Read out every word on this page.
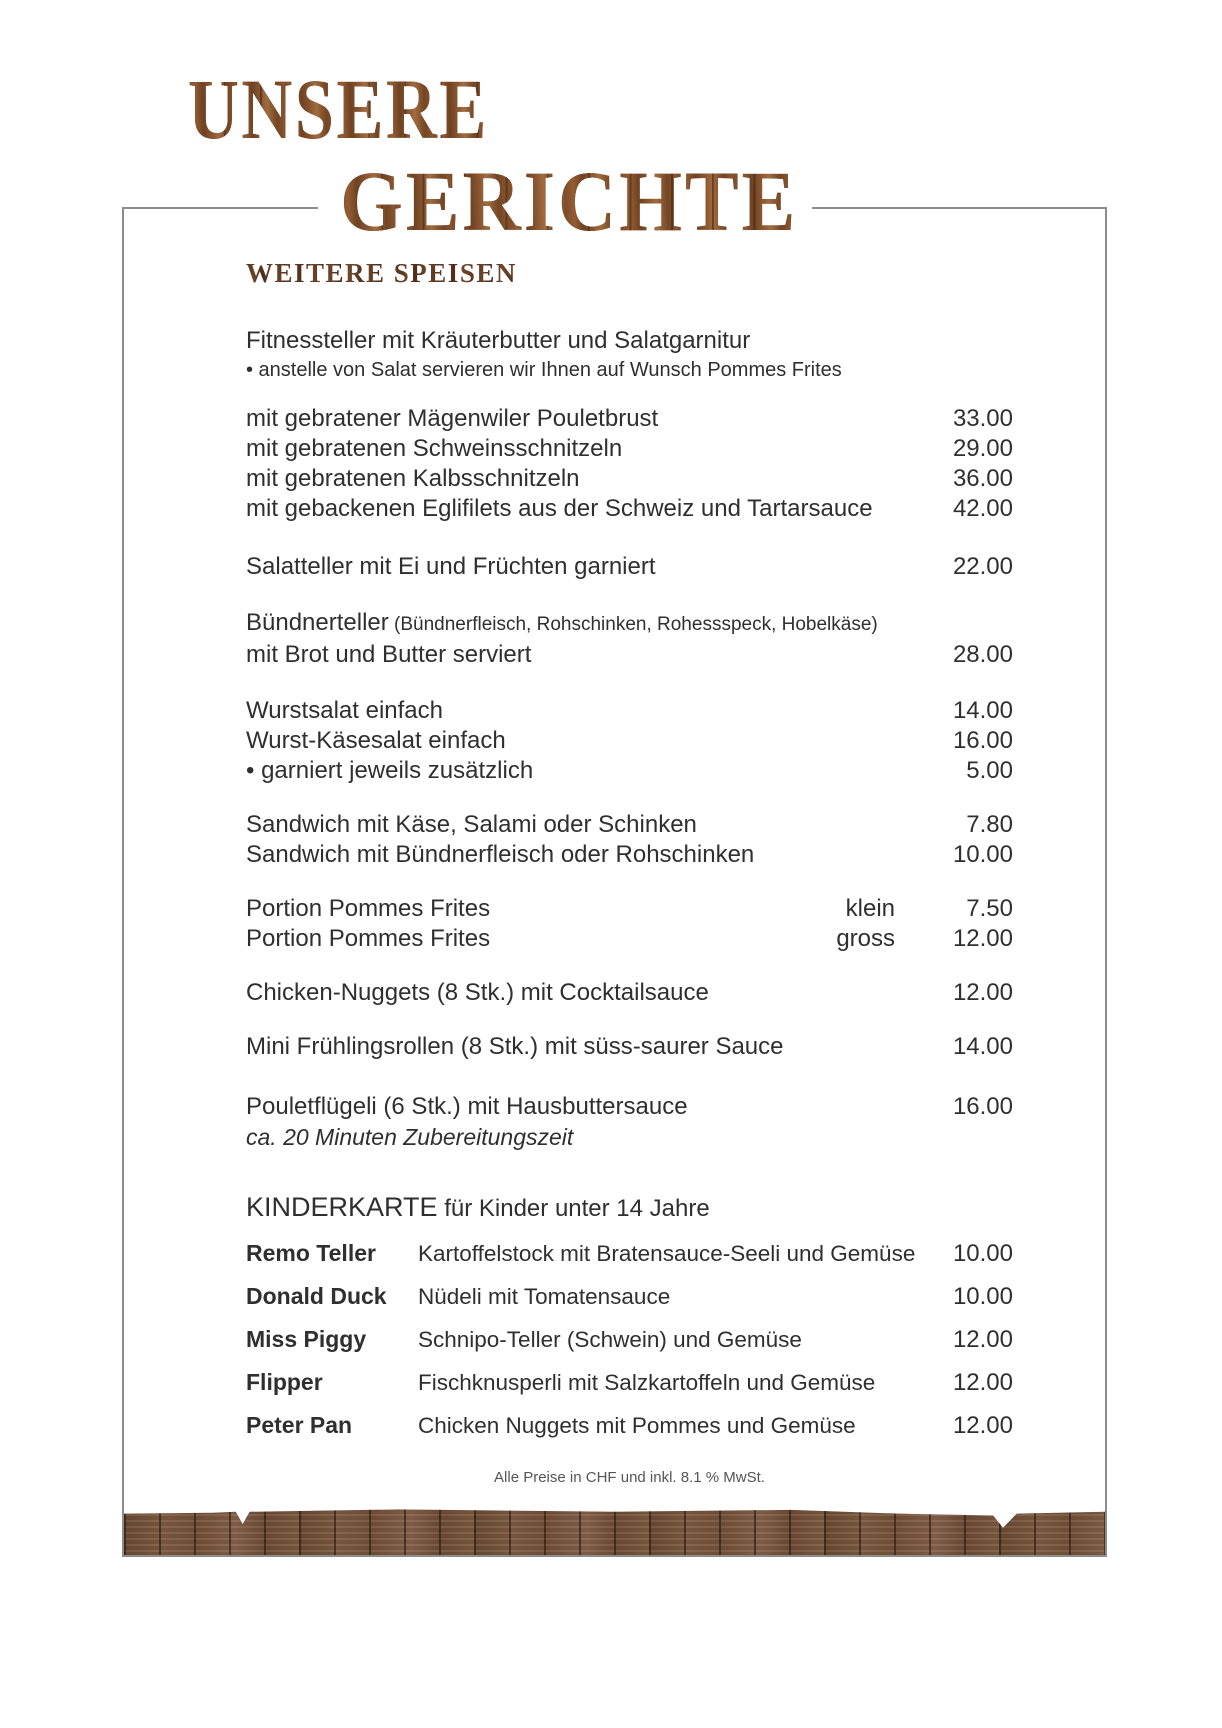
UNSERE
GERICHTE
WEITERE SPEISEN
Fitnessteller mit Kräuterbutter und Salatgarnitur
• anstelle von Salat servieren wir Ihnen auf Wunsch Pommes Frites
mit gebratener Mägenwiler Pouletbrust	33.00
mit gebratenen Schweinsschnitzeln	29.00
mit gebratenen Kalbsschnitzeln	36.00
mit gebackenen Eglifilets aus der Schweiz und Tartarsauce	42.00
Salatteller mit Ei und Früchten garniert	22.00
Bündnerteller (Bündnerfleisch, Rohschinken, Rohessspeck, Hobelkäse)
mit Brot und Butter serviert	28.00
Wurstsalat einfach	14.00
Wurst-Käsesalat einfach	16.00
• garniert jeweils zusätzlich	5.00
Sandwich mit Käse, Salami oder Schinken	7.80
Sandwich mit Bündnerfleisch oder Rohschinken	10.00
Portion Pommes Frites	klein	7.50
Portion Pommes Frites	gross	12.00
Chicken-Nuggets (8 Stk.) mit Cocktailsauce	12.00
Mini Frühlingsrollen (8 Stk.) mit süss-saurer Sauce	14.00
Pouletflügeli (6 Stk.) mit Hausbuttersauce	16.00
ca. 20 Minuten Zubereitungszeit
KINDERKARTE für Kinder unter 14 Jahre
Remo Teller	Kartoffelstock mit Bratensauce-Seeli und Gemüse	10.00
Donald Duck	Nüdeli mit Tomatensauce	10.00
Miss Piggy	Schnipo-Teller (Schwein) und Gemüse	12.00
Flipper	Fischknusperli mit Salzkartoffeln und Gemüse	12.00
Peter Pan	Chicken Nuggets mit Pommes und Gemüse	12.00
Alle Preise in CHF und inkl. 8.1 % MwSt.
